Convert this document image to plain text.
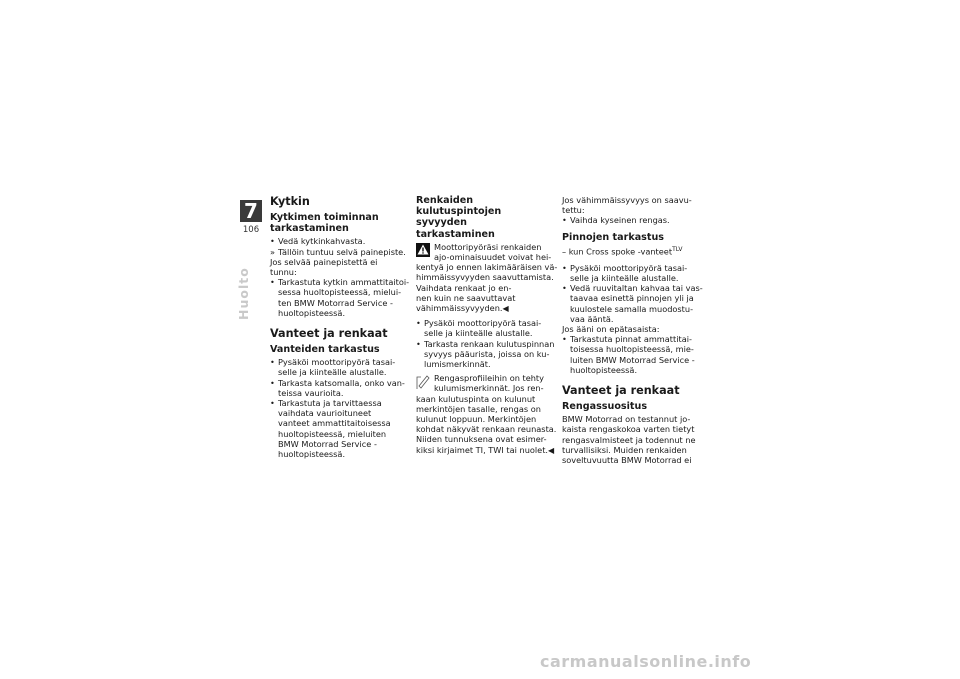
7
106
Huolto
Kytkin
Kytkimen toiminnan
tarkastaminen
• Vedä kytkinkahvasta.
» Tällöin tuntuu selvä painepiste.

Jos selvää painepistettä ei tunnu:

• Tarkastuta kytkin ammattitaitoi-
sessa huoltopisteessä, mielui-
ten BMW Motorrad Service -
huoltopisteessä.
Vanteet ja renkaat
Vanteiden tarkastus
• Pysäköi moottoripyörä tasai-
selle ja kiinteälle alustalle.
• Tarkasta katsomalla, onko van-
teissa vaurioita.
• Tarkastuta ja tarvittaessa
vaihdata vaurioituneet
vanteet ammattitaitoisessa
huoltopisteessä, mieluiten
BMW Motorrad Service -
huoltopisteessä.
Renkaiden
kulutuspintojen syvyyden
tarkastaminen
Moottoripyöräsi renkaiden
ajo-ominaisuudet voivat hei-
kentyä jo ennen lakimääräisen vä-
himmäissyvyyden saavuttamista.
Vaihdata renkaat jo en-
nen kuin ne saavuttavat
vähimmäissyvyyden.◀
• Pysäköi moottoripyörä tasai-
selle ja kiinteälle alustalle.
• Tarkasta renkaan kulutuspinnan
syvyys pääurista, joissa on ku-
lumismerkinnät.
Rengasprofiileihin on tehty
kulumismerkinnät. Jos ren-
kaan kulutuspinta on kulunut
merkintöjen tasalle, rengas on
kulunut loppuun. Merkintöjen
kohdat näkyvät renkaan reunasta.
Niiden tunnuksena ovat esimer-
kiksi kirjaimet TI, TWI tai nuolet.◀
Jos vähimmäissyvyys on saavu-
tettu:
• Vaihda kyseinen rengas.
Pinnojen tarkastus

– kun Cross spoke -vanteet$^{TLV}$

• Pysäköi moottoripyörä tasai-
selle ja kiinteälle alustalle.
• Vedä ruuvitaltan kahvaa tai vas-
taavaa esinettä pinnojen yli ja
kuulostele samalla muodostu-
vaa ääntä.

Jos ääni on epätasaista:

• Tarkastuta pinnat ammattitai-
toisessa huoltopisteessä, mie-
luiten BMW Motorrad Service -
huoltopisteessä.
Vanteet ja renkaat
Rengassuositus
BMW Motorrad on testannut jo-
kaista rengaskokoa varten tietyt
rengasvalmisteet ja todennut ne
turvallisiksi. Muiden renkaiden
soveltuvuutta BMW Motorrad ei
carmanualsonline.info
